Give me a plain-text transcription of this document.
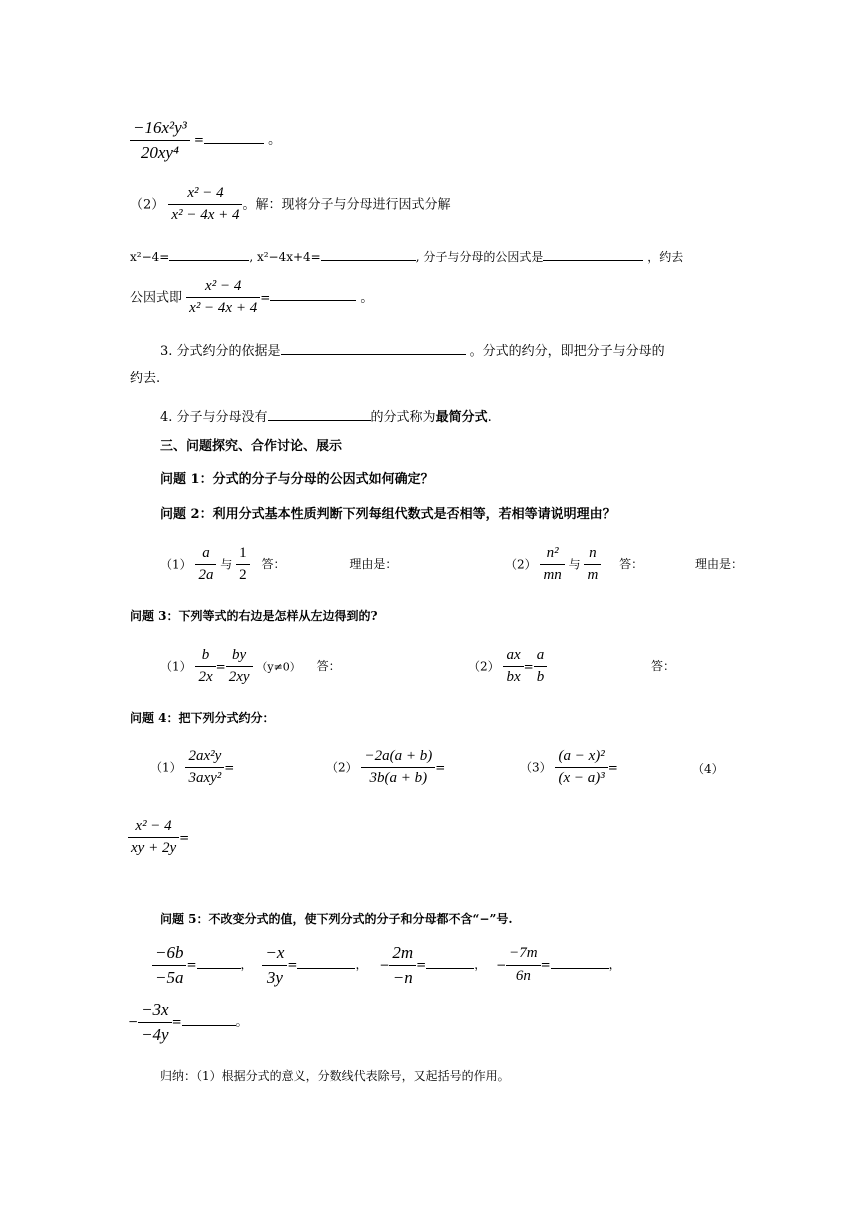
$\frac{\text{−16x²y³}}{\text{20xy⁴}}$ =	。
$(2) \frac{\text{x² − 4}}{\text{x² − 4x + 4}}$ 。解：现将分子与分母进行因式分解
x²−4=	, x²−4x+4=	, 分子与分母的公因式是	，约去
公因式即 $\frac{\text{x² − 4}}{\text{x² − 4x + 4}}$ =	。
3. 分式约分的依据是	。分式的约分，即把分子与分母的
约去.
4. 分子与分母没有	的分式称为最简分式.
三、问题探究、合作讨论、展示
问题 1：分式的分子与分母的公因式如何确定？
问题 2：利用分式基本性质判断下列每组代数式是否相等，若相等请说明理由？
$(1) \frac{a}{2a}$ 与 $\frac{1}{2}$ 答：	理由是：	$(2) \frac{\text{n²}}{mn}$ 与 $\frac{n}{m}$ 答：	理由是：
问题 3：下列等式的右边是怎样从左边得到的?
$(1) \frac{b}{2x} = \frac{by}{2xy} (y\ne 0)$ 答：	$(2) \frac{ax}{bx} = \frac{a}{b}$	答：
问题 4：把下列分式约分：
$(1) \frac{\text{2ax²y}}{\text{3axy²}}$ =	$(2) \frac{-2a(a + b)}{3b(a + b)}$ =	$(3) \frac{\text{(a − x)²}}{\text{(x − a)³}}$ =	（4）
$\frac{\text{x² − 4}}{xy + 2y}$ =
问题 5：不改变分式的值，使下列分式的分子和分母都不含“−”号.
$\frac{-6b}{-5a}$ =	， $\frac{-x}{3y}$ =	， − $\frac{2m}{-n}$ =	， − $\frac{-7m}{6n}$ =	，
− $\frac{-3x}{-4y}$ =	。
归纳：（1）根据分式的意义，分数线代表除号，又起括号的作用。
